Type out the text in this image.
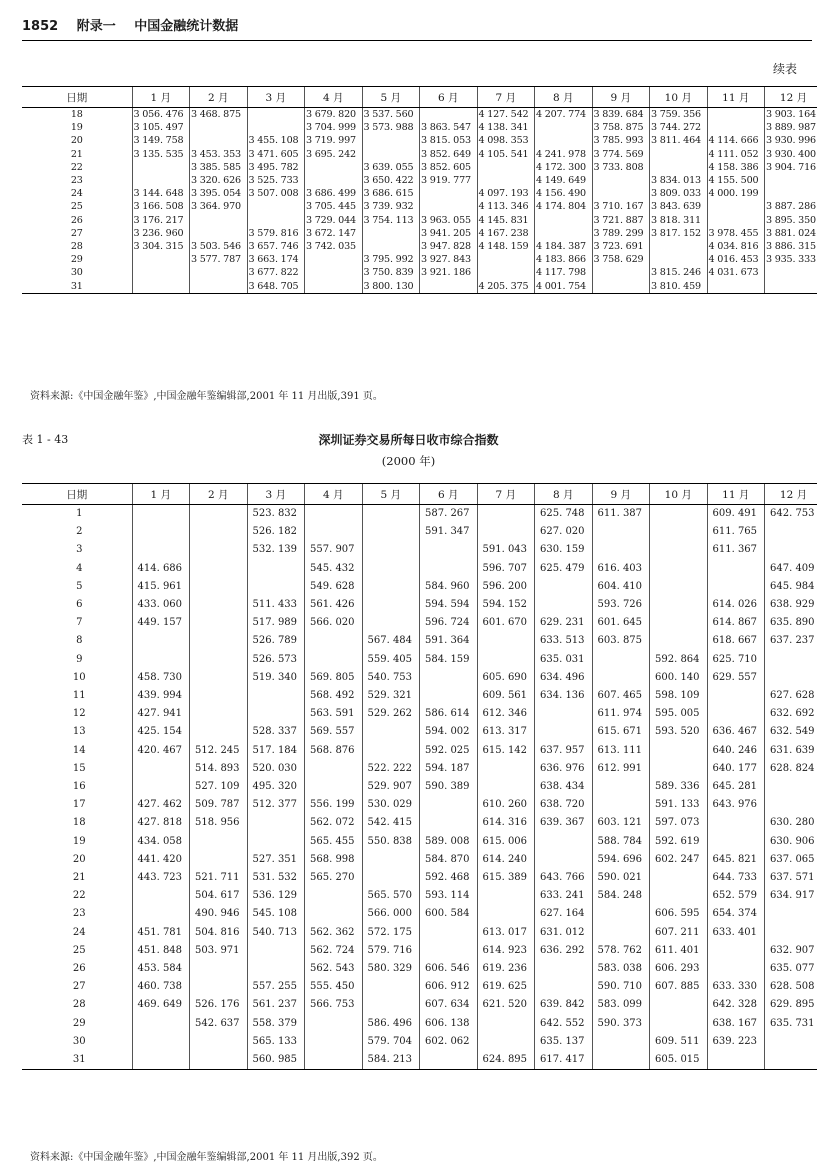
1852 附录一 中国金融统计数据
续表
日期	1 月	2 月	3 月	4 月	5 月	6 月	7 月	8 月	9 月	10 月	11 月	12 月
18	3 056. 476	3 468. 875		3 679. 820	3 537. 560		4 127. 542	4 207. 774	3 839. 684	3 759. 356		3 903. 164
19	3 105. 497			3 704. 999	3 573. 988	3 863. 547	4 138. 341		3 758. 875	3 744. 272		3 889. 987
20	3 149. 758		3 455. 108	3 719. 997		3 815. 053	4 098. 353		3 785. 993	3 811. 464	4 114. 666	3 930. 996
21	3 135. 535	3 453. 353	3 471. 605	3 695. 242		3 852. 649	4 105. 541	4 241. 978	3 774. 569		4 111. 052	3 930. 400
22		3 385. 585	3 495. 782		3 639. 055	3 852. 605		4 172. 300	3 733. 808		4 158. 386	3 904. 716
23		3 320. 626	3 525. 733		3 650. 422	3 919. 777		4 149. 649		3 834. 013	4 155. 500	
24	3 144. 648	3 395. 054	3 507. 008	3 686. 499	3 686. 615		4 097. 193	4 156. 490		3 809. 033	4 000. 199	
25	3 166. 508	3 364. 970		3 705. 445	3 739. 932		4 113. 346	4 174. 804	3 710. 167	3 843. 639		3 887. 286
26	3 176. 217			3 729. 044	3 754. 113	3 963. 055	4 145. 831		3 721. 887	3 818. 311		3 895. 350
27	3 236. 960		3 579. 816	3 672. 147		3 941. 205	4 167. 238		3 789. 299	3 817. 152	3 978. 455	3 881. 024
28	3 304. 315	3 503. 546	3 657. 746	3 742. 035		3 947. 828	4 148. 159	4 184. 387	3 723. 691		4 034. 816	3 886. 315
29		3 577. 787	3 663. 174		3 795. 992	3 927. 843		4 183. 866	3 758. 629		4 016. 453	3 935. 333
30			3 677. 822		3 750. 839	3 921. 186		4 117. 798		3 815. 246	4 031. 673	
31			3 648. 705		3 800. 130		4 205. 375	4 001. 754		3 810. 459		
资料来源:《中国金融年鉴》,中国金融年鉴编辑部,2001 年 11 月出版,391 页。
表 1 - 43	深圳证券交易所每日收市综合指数
(2000 年)
日期	1 月	2 月	3 月	4 月	5 月	6 月	7 月	8 月	9 月	10 月	11 月	12 月
1			523. 832			587. 267		625. 748	611. 387		609. 491	642. 753
2			526. 182			591. 347		627. 020			611. 765	
3			532. 139	557. 907			591. 043	630. 159			611. 367	
4	414. 686			545. 432			596. 707	625. 479	616. 403			647. 409
5	415. 961			549. 628		584. 960	596. 200		604. 410			645. 984
6	433. 060		511. 433	561. 426		594. 594	594. 152		593. 726		614. 026	638. 929
7	449. 157		517. 989	566. 020		596. 724	601. 670	629. 231	601. 645		614. 867	635. 890
8			526. 789		567. 484	591. 364		633. 513	603. 875		618. 667	637. 237
9			526. 573		559. 405	584. 159		635. 031		592. 864	625. 710	
10	458. 730		519. 340	569. 805	540. 753		605. 690	634. 496		600. 140	629. 557	
11	439. 994			568. 492	529. 321		609. 561	634. 136	607. 465	598. 109		627. 628
12	427. 941			563. 591	529. 262	586. 614	612. 346		611. 974	595. 005		632. 692
13	425. 154		528. 337	569. 557		594. 002	613. 317		615. 671	593. 520	636. 467	632. 549
14	420. 467	512. 245	517. 184	568. 876		592. 025	615. 142	637. 957	613. 111		640. 246	631. 639
15		514. 893	520. 030		522. 222	594. 187		636. 976	612. 991		640. 177	628. 824
16		527. 109	495. 320		529. 907	590. 389		638. 434		589. 336	645. 281	
17	427. 462	509. 787	512. 377	556. 199	530. 029		610. 260	638. 720		591. 133	643. 976	
18	427. 818	518. 956		562. 072	542. 415		614. 316	639. 367	603. 121	597. 073		630. 280
19	434. 058			565. 455	550. 838	589. 008	615. 006		588. 784	592. 619		630. 906
20	441. 420		527. 351	568. 998		584. 870	614. 240		594. 696	602. 247	645. 821	637. 065
21	443. 723	521. 711	531. 532	565. 270		592. 468	615. 389	643. 766	590. 021		644. 733	637. 571
22		504. 617	536. 129		565. 570	593. 114		633. 241	584. 248		652. 579	634. 917
23		490. 946	545. 108		566. 000	600. 584		627. 164		606. 595	654. 374	
24	451. 781	504. 816	540. 713	562. 362	572. 175		613. 017	631. 012		607. 211	633. 401	
25	451. 848	503. 971		562. 724	579. 716		614. 923	636. 292	578. 762	611. 401		632. 907
26	453. 584			562. 543	580. 329	606. 546	619. 236		583. 038	606. 293		635. 077
27	460. 738		557. 255	555. 450		606. 912	619. 625		590. 710	607. 885	633. 330	628. 508
28	469. 649	526. 176	561. 237	566. 753		607. 634	621. 520	639. 842	583. 099		642. 328	629. 895
29		542. 637	558. 379		586. 496	606. 138		642. 552	590. 373		638. 167	635. 731
30			565. 133		579. 704	602. 062		635. 137		609. 511	639. 223	
31			560. 985		584. 213		624. 895	617. 417		605. 015		
资料来源:《中国金融年鉴》,中国金融年鉴编辑部,2001 年 11 月出版,392 页。
